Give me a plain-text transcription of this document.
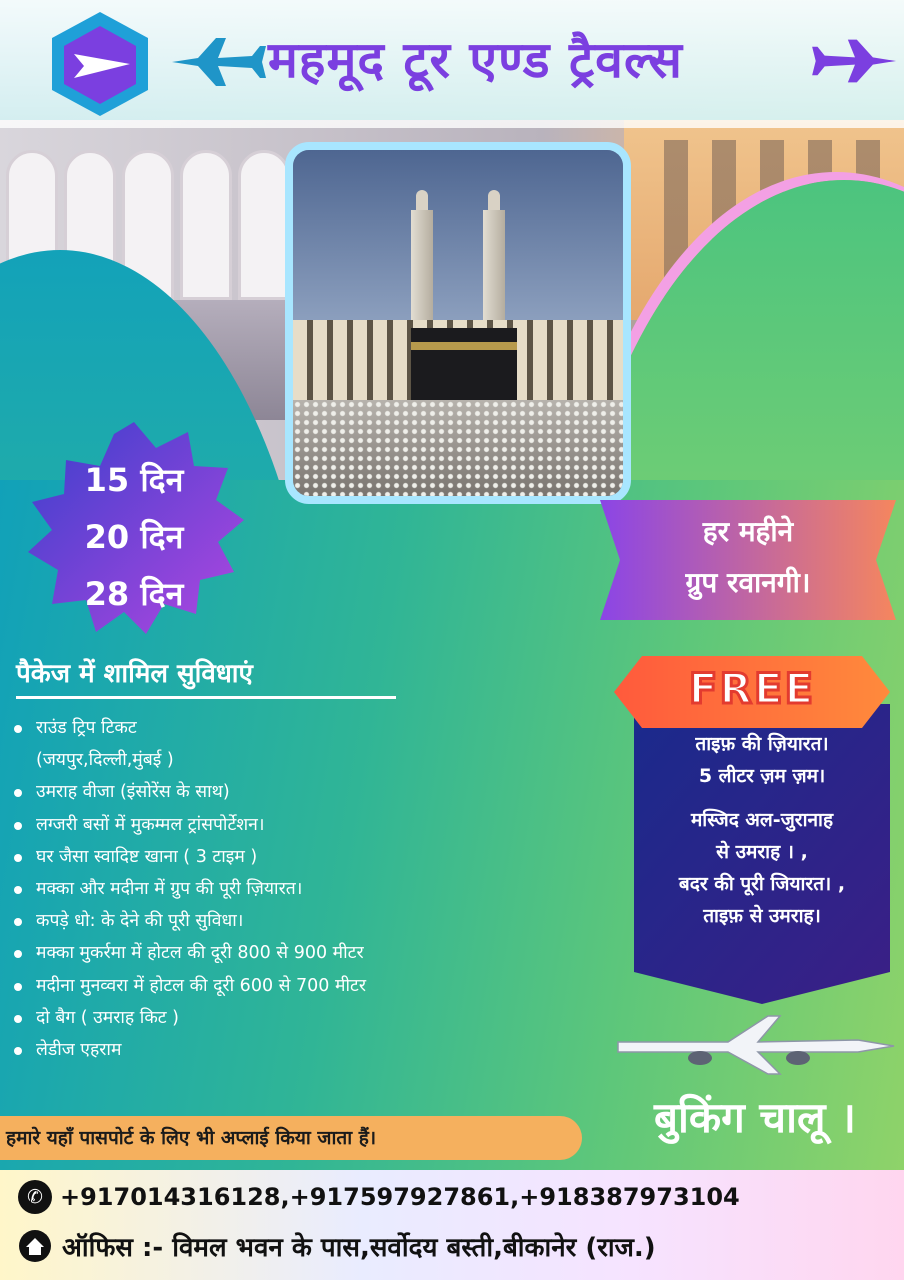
महमूद टूर एण्ड ट्रैवल्स
15 दिन
20 दिन
28 दिन
हर महीने
ग्रुप रवानगी।
पैकेज में शामिल सुविधाएं
राउंड ट्रिप टिकट
(जयपुर,दिल्ली,मुंबई )
उमराह वीजा (इंसोरेंस के साथ)
लग्जरी बसों में मुकम्मल ट्रांसपोर्टेशन।
घर जैसा स्वादिष्ट खाना ( 3 टाइम )
मक्का और मदीना में ग्रुप की पूरी ज़ियारत।
कपड़े धो: के देने की पूरी सुविधा।
मक्का मुकर्रमा में होटल की दूरी 800 से 900 मीटर
मदीना मुनव्वरा में होटल की दूरी 600 से 700 मीटर
दो बैग ( उमराह किट )
लेडीज एहराम
FREE
ताइफ़ की ज़ियारत।
5 लीटर ज़म ज़म।
मस्जिद अल-जुरानाह
से उमराह । ,
बदर की पूरी जियारत। ,
ताइफ़ से उमराह।
बुकिंग चालू ।
हमारे यहाँ पासपोर्ट के लिए भी अप्लाई किया जाता हैं।
✆ +917014316128,+917597927861,+918387973104
ऑफिस :- विमल भवन के पास,सर्वोदय बस्ती,बीकानेर (राज.)
